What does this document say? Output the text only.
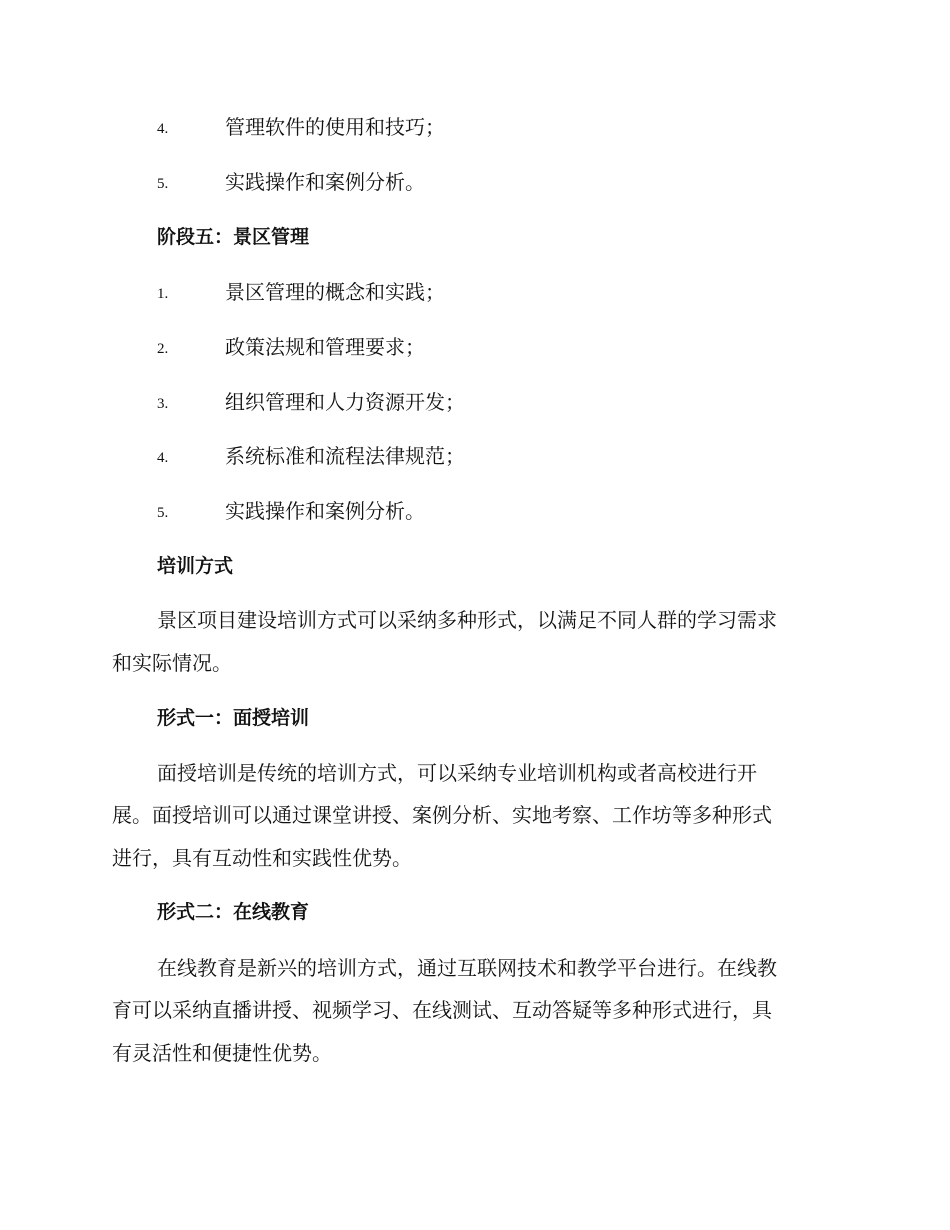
4.	管理软件的使用和技巧；
5.	实践操作和案例分析。
阶段五：景区管理
1.	景区管理的概念和实践；
2.	政策法规和管理要求；
3.	组织管理和人力资源开发；
4.	系统标准和流程法律规范；
5.	实践操作和案例分析。
培训方式
景区项目建设培训方式可以采纳多种形式，以满足不同人群的学习需求
和实际情况。
形式一：面授培训
面授培训是传统的培训方式，可以采纳专业培训机构或者高校进行开
展。面授培训可以通过课堂讲授、案例分析、实地考察、工作坊等多种形式
进行，具有互动性和实践性优势。
形式二：在线教育
在线教育是新兴的培训方式，通过互联网技术和教学平台进行。在线教
育可以采纳直播讲授、视频学习、在线测试、互动答疑等多种形式进行，具
有灵活性和便捷性优势。
